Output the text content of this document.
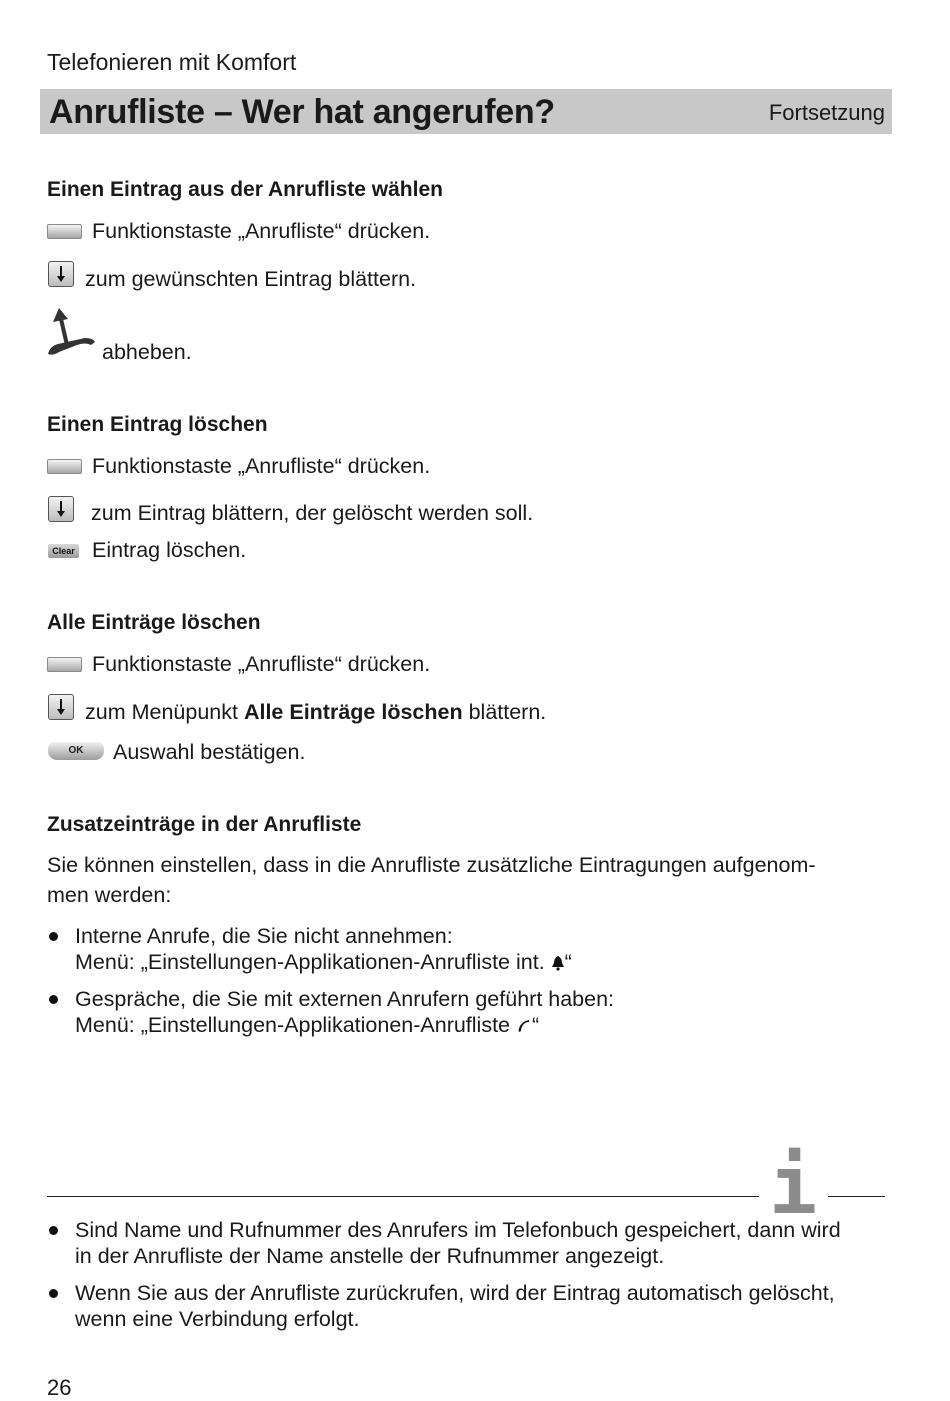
Telefonieren mit Komfort
Anrufliste – Wer hat angerufen?	Fortsetzung
Einen Eintrag aus der Anrufliste wählen
Funktionstaste „Anrufliste“ drücken.
zum gewünschten Eintrag blättern.
abheben.
Einen Eintrag löschen
Funktionstaste „Anrufliste“ drücken.
zum Eintrag blättern, der gelöscht werden soll.
Clear Eintrag löschen.
Alle Einträge löschen
Funktionstaste „Anrufliste“ drücken.
zum Menüpunkt Alle Einträge löschen blättern.
OK	Auswahl bestätigen.
Zusatzeinträge in der Anrufliste
Sie können einstellen, dass in die Anrufliste zusätzliche Eintragungen aufgenom-
men werden:
Interne Anrufe, die Sie nicht annehmen:
Menü: „Einstellungen-Applikationen-Anrufliste int. “
Gespräche, die Sie mit externen Anrufern geführt haben:
Menü: „Einstellungen-Applikationen-Anrufliste “
i
Sind Name und Rufnummer des Anrufers im Telefonbuch gespeichert, dann wird
in der Anrufliste der Name anstelle der Rufnummer angezeigt.
Wenn Sie aus der Anrufliste zurückrufen, wird der Eintrag automatisch gelöscht,
wenn eine Verbindung erfolgt.
26
